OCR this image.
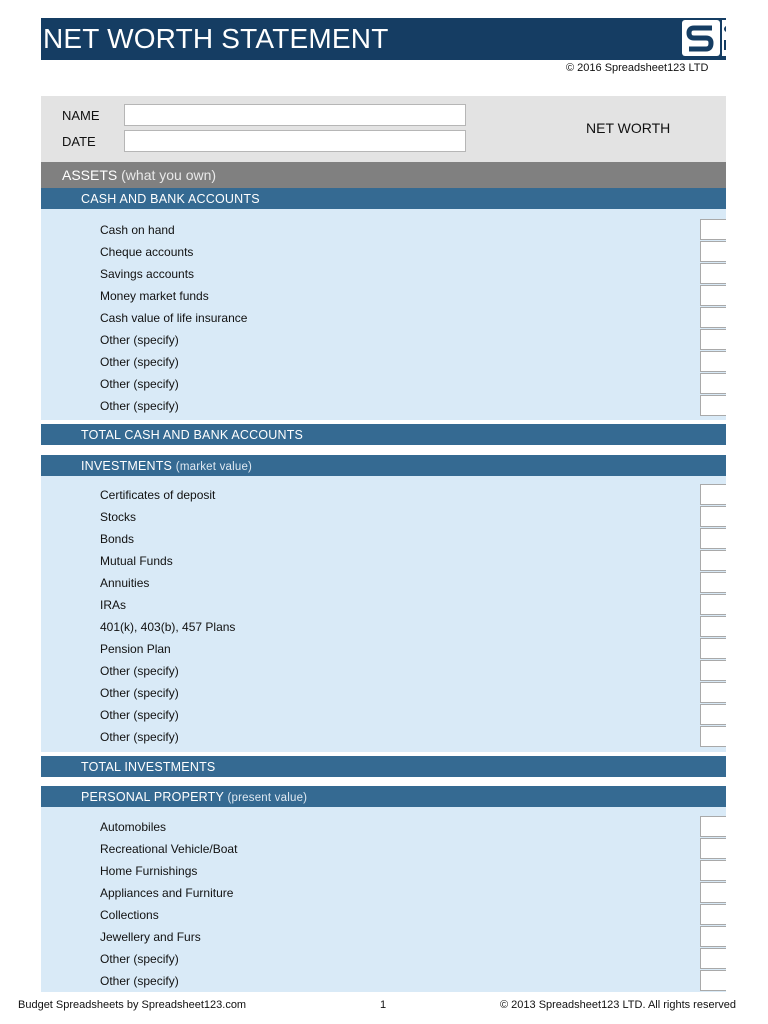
NET WORTH STATEMENT
© 2016 Spreadsheet123 LTD
NAME
DATE
NET WORTH
ASSETS (what you own)
CASH AND BANK ACCOUNTS
Cash on hand
Cheque accounts
Savings accounts
Money market funds
Cash value of life insurance
Other (specify)
Other (specify)
Other (specify)
Other (specify)
TOTAL CASH AND BANK ACCOUNTS
INVESTMENTS (market value)
Certificates of deposit
Stocks
Bonds
Mutual Funds
Annuities
IRAs
401(k), 403(b), 457 Plans
Pension Plan
Other (specify)
Other (specify)
Other (specify)
Other (specify)
TOTAL INVESTMENTS
PERSONAL PROPERTY (present value)
Automobiles
Recreational Vehicle/Boat
Home Furnishings
Appliances and Furniture
Collections
Jewellery and Furs
Other (specify)
Other (specify)
Budget Spreadsheets by Spreadsheet123.com	1	© 2013 Spreadsheet123 LTD. All rights reserved
